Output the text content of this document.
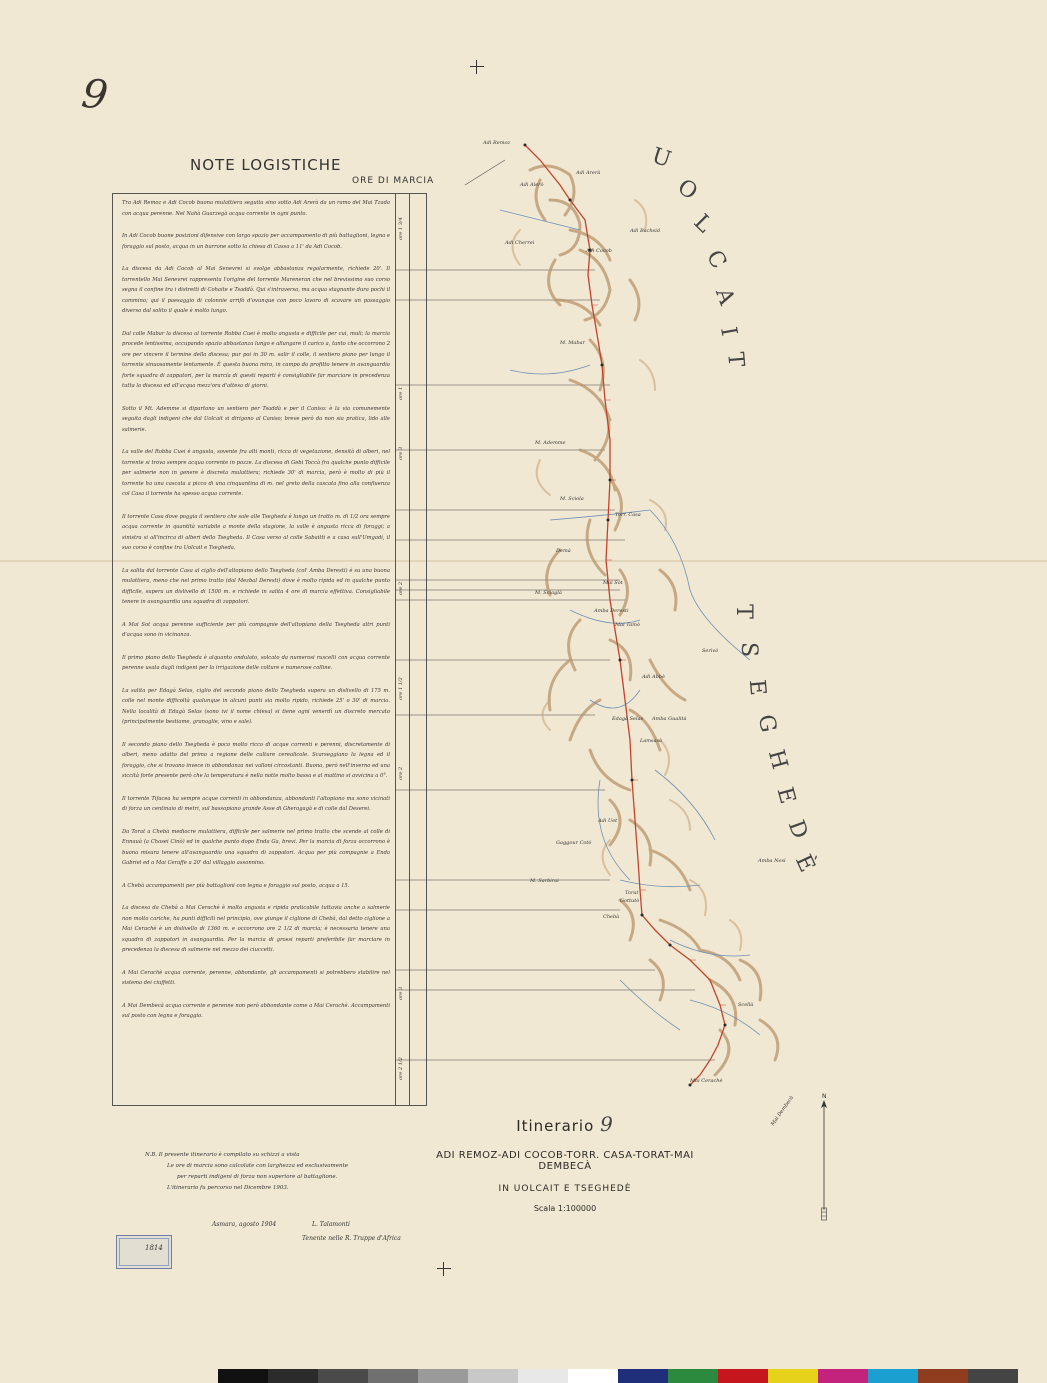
9
NOTE LOGISTICHE
ORE DI MARCIA

Tra Adi Remoz e Adi Cocob buona mulattiera seguita sino sotto Adi Arerà da un ramo del Mai Tzada con acqua perenne. Nel Nahà Guarzegà acqua corrente in ogni punto.

In Adi Cocob buone posizioni difensive con largo spazio per accampamento di più battaglioni, legna e foraggio sul posto, acqua in un burrone sotto la chiesa di Cassa a 11' da Adi Cocob.

La discesa da Adi Cocob al Mai Senevrei si svolge abbastanza regolarmente, richiede 20'. Il torrentello Mai Senevrei rappresenta l'origine del torrente Mareneran che nel brevissimo suo corso segna il confine tra i distretti di Cohaite e Tsaddà. Qui s'intraversa, ma acqua stagnante dura pochi il cammino; qui il paesaggio di colonnie arrifò d'ovunque con poco lavoro di scavare un passaggio diverso dal solito il quale è molto lungo.

Dal colle Mabar la discesa al torrente Robba Cuei è molto angusta e difficile per cui, muli; la marcia procede lentissima, occupando spazio abbastanza lungo e allungare il carico a, tanto che occorrono 2 ore per vincere il termine della discesa; pur poi in 30 m. salir il colle, il sentiero piano per lungo il torrente sinuosamente lentamente. È questa buona mira, in campo da profitto tenere in avanguardia forte squadra di zappatori, per la marcia di questi reparti è consigliabile far marciare in precedenza tutta la discesa ed all'acqua mezz'ora d'attesa di giorni.

Sotto il Mt. Ademme si dipartono un sentiero per Tsaddà e per il Caniso: è la via comunemente seguita dagli indigeni che dal Uolcait si dirigono al Caniso; breve però da non sia pratica, lido alle salmerie.

La valle del Robba Cuei è angusta, sovente fra alti monti, ricca di vegetazione, densità di alberi, nel torrente si trova sempre acqua corrente in pozze. La discesa di Gebi Toccà fra qualche punto difficile per salmerie non in genere è discreta mulattiera; richiede 30' di marcia, però è molto di più il torrente ha una cascata a picco di una cinquantina di m. nel greto della cascata fino alla confluenza col Casa il torrente ha spesso acqua corrente.

Il torrente Casa dove poggia il sentiero che sale alle Tsegheda è lungo un tratto m. di 1/2 ora sempre acqua corrente in quantità variabile a monte della stagione, la valle è angusta ricca di foraggi; a sinistra si all'incirca di alberi dello Tsegheda. Il Casa verso al colle Sabaitti e a casa sull'Umgadi, il suo corso è confine tra Uolcait e Tsegheda.

La salita dal torrente Casa al ciglio dell'altopiano dello Tsegheda (col' Amba Deresti) è su una buona mulattiera, meno che nel primo tratto (dal Mezbal Deresti) dove è molto ripida ed in qualche punto difficile, supera un dislivello di 1500 m. e richiede in salita 4 ore di marcia effettiva. Consigliabile tenere in avanguardia una squadra di zappatori.

A Mai Sot acqua perenne sufficiente per più compagnie dell'altopiano della Tsegheda altri punti d'acqua sono in vicinanza.

Il primo piano dello Tsegheda è alquanto ondulato, solcato da numerosi ruscelli con acqua corrente perenne usata dagli indigeni per la irrigazione delle colture e numerose colline.

La salita per Edagà Selas, ciglio del secondo piano dello Tsegheda supera un dislivello di 175 m. colle nel monte difficoltà qualunque in alcuni punti sia molto ripido, richiede 25' o 30' di marcia. Nella località di Edagà Selas (sono ivi il nome chiesa) si tiene ogni venerdì un discreto mercato (principalmente bestiame, granaglie, vino e sale).

Il secondo piano dello Tsegheda è poco molto ricco di acque correnti e perenni, discretamente di alberi, meno adatto del primo a regione delle culture cerealicole. Scarseggiano la legna ed il foraggio, che si trovano invece in abbondanza nei valloni circostanti. Buona, però nell'inverno ed una siccità forte presente però che la temperatura è nella notte molto bassa e al mattino si avvicina a 0°.

Il torrente Tifacea ha sempre acque correnti in abbondanza, abbondanti l'altopiano ma sono vicinati di forza un centinaio di metri, sul bassopiano grande Asse di Gheragagà e di colle dal Deserei.

Da Torat a Chebà mediocre mulattiera, difficile per salmerie nel primo tratto che scende al colle di Ennauà (a Chasei Cinò) ed in qualche punto dopo Enda Ga, brevi. Per la marcia di forza occorrono è buona misura tenere all'avanguardia una squadra di zappatori. Acqua per più compagnie a Enda Gabriel ed a Mai Ceraffe a 20' dal villaggio assonnino.

A Chebà accampamenti per più battaglioni con legna e foraggio sul posto, acqua a 15.

La discesa da Chebà a Mai Cerachè è molto angusta e ripida praticabile tuttavia anche a salmerie non molto cariche, ha punti difficili nel principio, ove giunge il ciglione di Chebà, dal detto ciglione a Mai Cerachè è un dislivello di 1360 m. e occorrono ore 2 1/2 di marcia; è necessaria tenere una squadra di zappatori in avanguardia. Per la marcia di grossi reparti preferibile far marciare in precedenza la discesa di salmerie nel mezzo dei ciuccetti.

A Mai Cerachè acqua corrente, perenne, abbondante, gli accampamenti si potrebbero stabilire nel sistema dei ciuffetti.

A Mai Dembecà acqua corrente e perenne non però abbondante come a Mai Cerachè. Accampamenti sul posto con legna e foraggio.

ore 1 3/4
ore 1
ore 3
ore 2
ore 1 1/2
ore 2
ore 3
ore 2 1/2
U
O
L
C
A
I
T
T
S
E
G
H
E
D
È
Adi Remoz
Adi Arerà
Adi Alerò
Adi Cocob
Adi Cherrei
Adi Bachsid
M. Mabar
M. Ademme
M. Sciola
Torr. Casa
Demà
Mai Sot
M. Sciaglà
Amba Deresti
Mai Tamò
Serivò
Adi Abbè
Edagà Selas
Lamsasà
Amba Gualità
Adi Uet
Gaggour Cotò
M. Sarbirai
Torat
Gottutò
Chebà
Scellà
Amba Nesi
Mai Cerachè
Mai Dembecà
Itinerario 9
ADI REMOZ-ADI COCOB-TORR. CASA-TORAT-MAI DEMBECÀ
IN UOLCAIT E TSEGHEDÈ
Scala 1:100000
N
N.B. Il presente itinerario è compilato su schizzi a vista
Le ore di marcia sono calcolate con larghezza ed esclusivamente
per reparti indigeni di forza non superiore al battaglione.
L'itinerario fu percorso nel Dicembre 1903.
Asmara, agosto 1904	L. Talamonti
Tenente nelle R. Truppe d'Africa
1814
